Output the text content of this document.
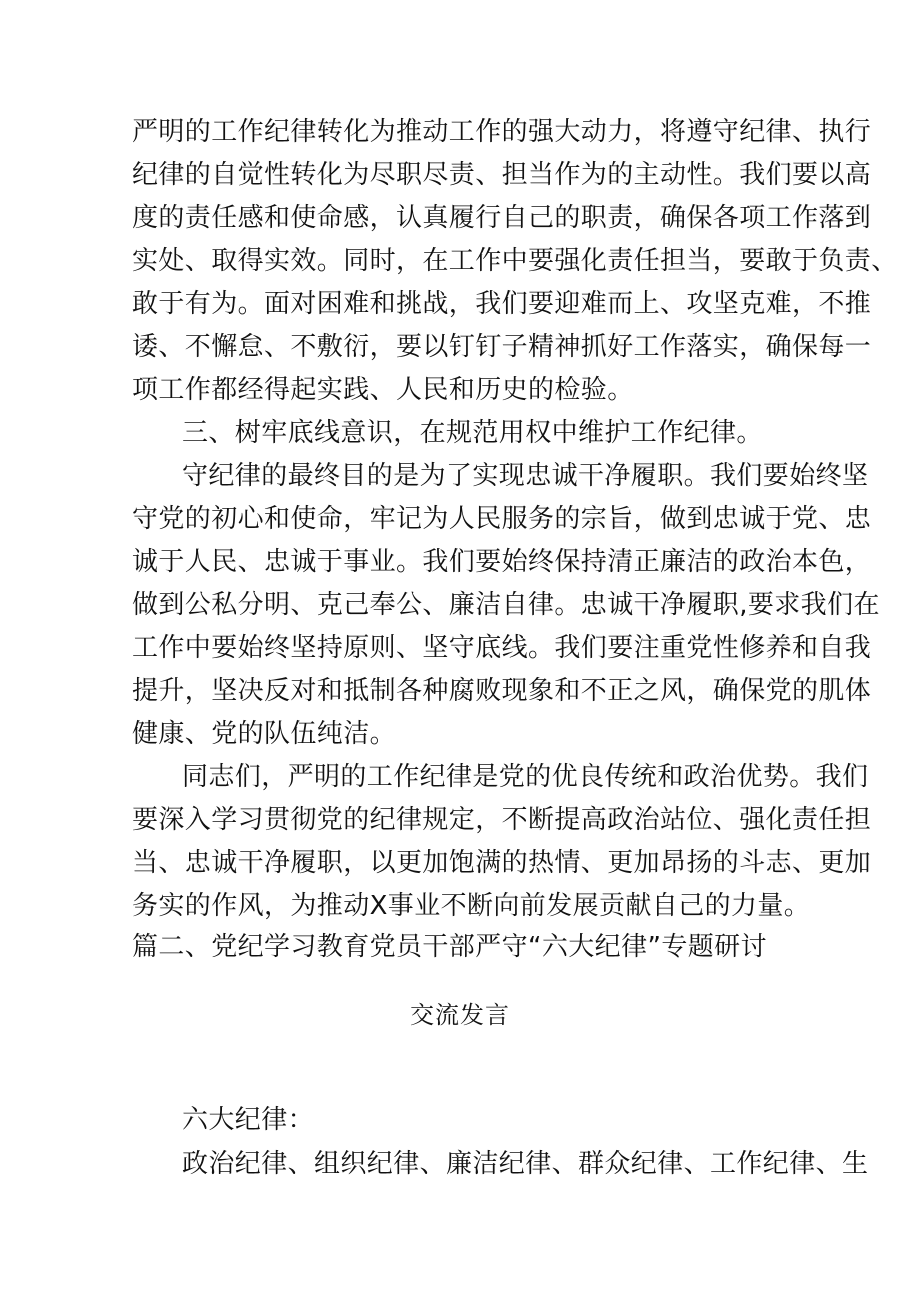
严明的工作纪律转化为推动工作的强大动力，将遵守纪律、执行
纪律的自觉性转化为尽职尽责、担当作为的主动性。我们要以高
度的责任感和使命感，认真履行自己的职责，确保各项工作落到
实处、取得实效。同时，在工作中要强化责任担当，要敢于负责、
敢于有为。面对困难和挑战，我们要迎难而上、攻坚克难，不推
诿、不懈怠、不敷衍，要以钉钉子精神抓好工作落实，确保每一
项工作都经得起实践、人民和历史的检验。
三、树牢底线意识，在规范用权中维护工作纪律。
守纪律的最终目的是为了实现忠诚干净履职。我们要始终坚
守党的初心和使命，牢记为人民服务的宗旨，做到忠诚于党、忠
诚于人民、忠诚于事业。我们要始终保持清正廉洁的政治本色，
做到公私分明、克己奉公、廉洁自律。忠诚干净履职,要求我们在
工作中要始终坚持原则、坚守底线。我们要注重党性修养和自我
提升，坚决反对和抵制各种腐败现象和不正之风，确保党的肌体
健康、党的队伍纯洁。
同志们，严明的工作纪律是党的优良传统和政治优势。我们
要深入学习贯彻党的纪律规定，不断提高政治站位、强化责任担
当、忠诚干净履职，以更加饱满的热情、更加昂扬的斗志、更加
务实的作风，为推动X事业不断向前发展贡献自己的力量。
篇二、党纪学习教育党员干部严守“六大纪律”专题研讨
交流发言
六大纪律：
政治纪律、组织纪律、廉洁纪律、群众纪律、工作纪律、生
